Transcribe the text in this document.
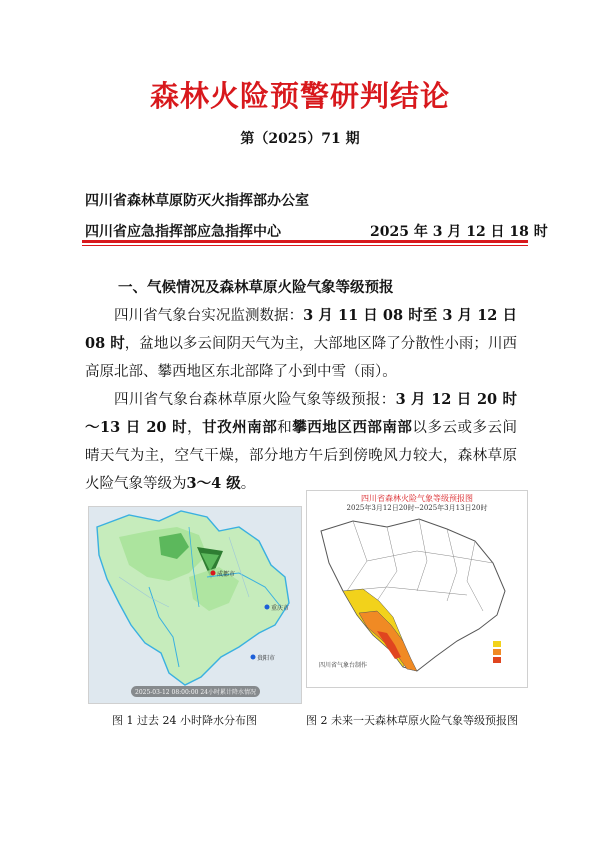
森林火险预警研判结论
第（2025）71 期
四川省森林草原防灭火指挥部办公室
四川省应急指挥部应急指挥中心	2025 年 3 月 12 日 18 时
一、气候情况及森林草原火险气象等级预报

四川省气象台实况监测数据：3 月 11 日 08 时至 3 月 12 日 08 时，盆地以多云间阴天气为主，大部地区降了分散性小雨；川西高原北部、攀西地区东北部降了小到中雪（雨）。

四川省气象台森林草原火险气象等级预报：3 月 12 日 20 时～13 日 20 时，甘孜州南部和攀西地区西部南部以多云或多云间晴天气为主，空气干燥，部分地方午后到傍晚风力较大，森林草原火险气象等级为3～4 级。

成都市
重庆市
贵阳市
2025-03-12 08:00:00 24小时累计降水情况
四川省森林火险气象等级预报图
2025年3月12日20时--2025年3月13日20时
四川省气象台制作
图 1 过去 24 小时降水分布图	图 2 未来一天森林草原火险气象等级预报图
